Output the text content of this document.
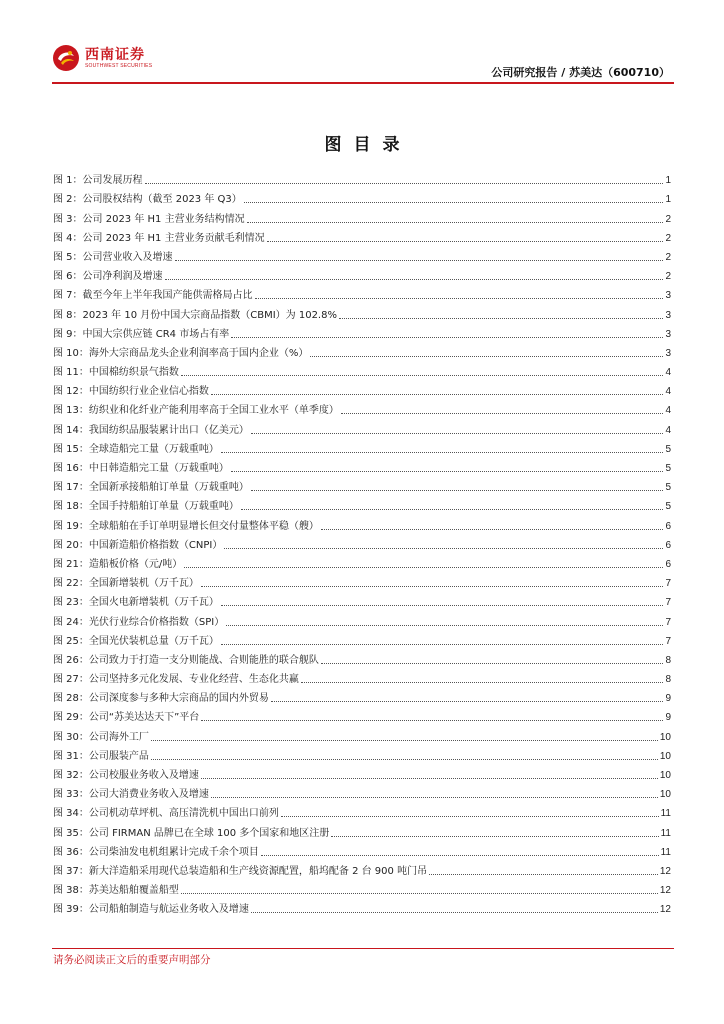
西南证券
SOUTHWEST SECURITIES
公司研究报告 / 苏美达（600710）
图目录
图 1：公司发展历程	1
图 2：公司股权结构（截至 2023 年 Q3）	1
图 3：公司 2023 年 H1 主营业务结构情况	2
图 4：公司 2023 年 H1 主营业务贡献毛利情况	2
图 5：公司营业收入及增速	2
图 6：公司净利润及增速	2
图 7：截至今年上半年我国产能供需格局占比	3
图 8：2023 年 10 月份中国大宗商品指数（CBMI）为 102.8%	3
图 9：中国大宗供应链 CR4 市场占有率	3
图 10：海外大宗商品龙头企业利润率高于国内企业（%）	3
图 11：中国棉纺织景气指数	4
图 12：中国纺织行业企业信心指数	4
图 13：纺织业和化纤业产能利用率高于全国工业水平（单季度）	4
图 14：我国纺织品服装累计出口（亿美元）	4
图 15：全球造船完工量（万载重吨）	5
图 16：中日韩造船完工量（万载重吨）	5
图 17：全国新承接船舶订单量（万载重吨）	5
图 18：全国手持船舶订单量（万载重吨）	5
图 19：全球船舶在手订单明显增长但交付量整体平稳（艘）	6
图 20：中国新造船价格指数（CNPI）	6
图 21：造船板价格（元/吨）	6
图 22：全国新增装机（万千瓦）	7
图 23：全国火电新增装机（万千瓦）	7
图 24：光伏行业综合价格指数（SPI）	7
图 25：全国光伏装机总量（万千瓦）	7
图 26：公司致力于打造一支分则能战、合则能胜的联合舰队	8
图 27：公司坚持多元化发展、专业化经营、生态化共赢	8
图 28：公司深度参与多种大宗商品的国内外贸易	9
图 29：公司“苏美达达天下”平台	9
图 30：公司海外工厂	10
图 31：公司服装产品	10
图 32：公司校服业务收入及增速	10
图 33：公司大消费业务收入及增速	10
图 34：公司机动草坪机、高压清洗机中国出口前列	11
图 35：公司 FIRMAN 品牌已在全球 100 多个国家和地区注册	11
图 36：公司柴油发电机组累计完成千余个项目	11
图 37：新大洋造船采用现代总装造船和生产线资源配置，船坞配备 2 台 900 吨门吊	12
图 38：苏美达船舶覆盖船型	12
图 39：公司船舶制造与航运业务收入及增速	12
请务必阅读正文后的重要声明部分
